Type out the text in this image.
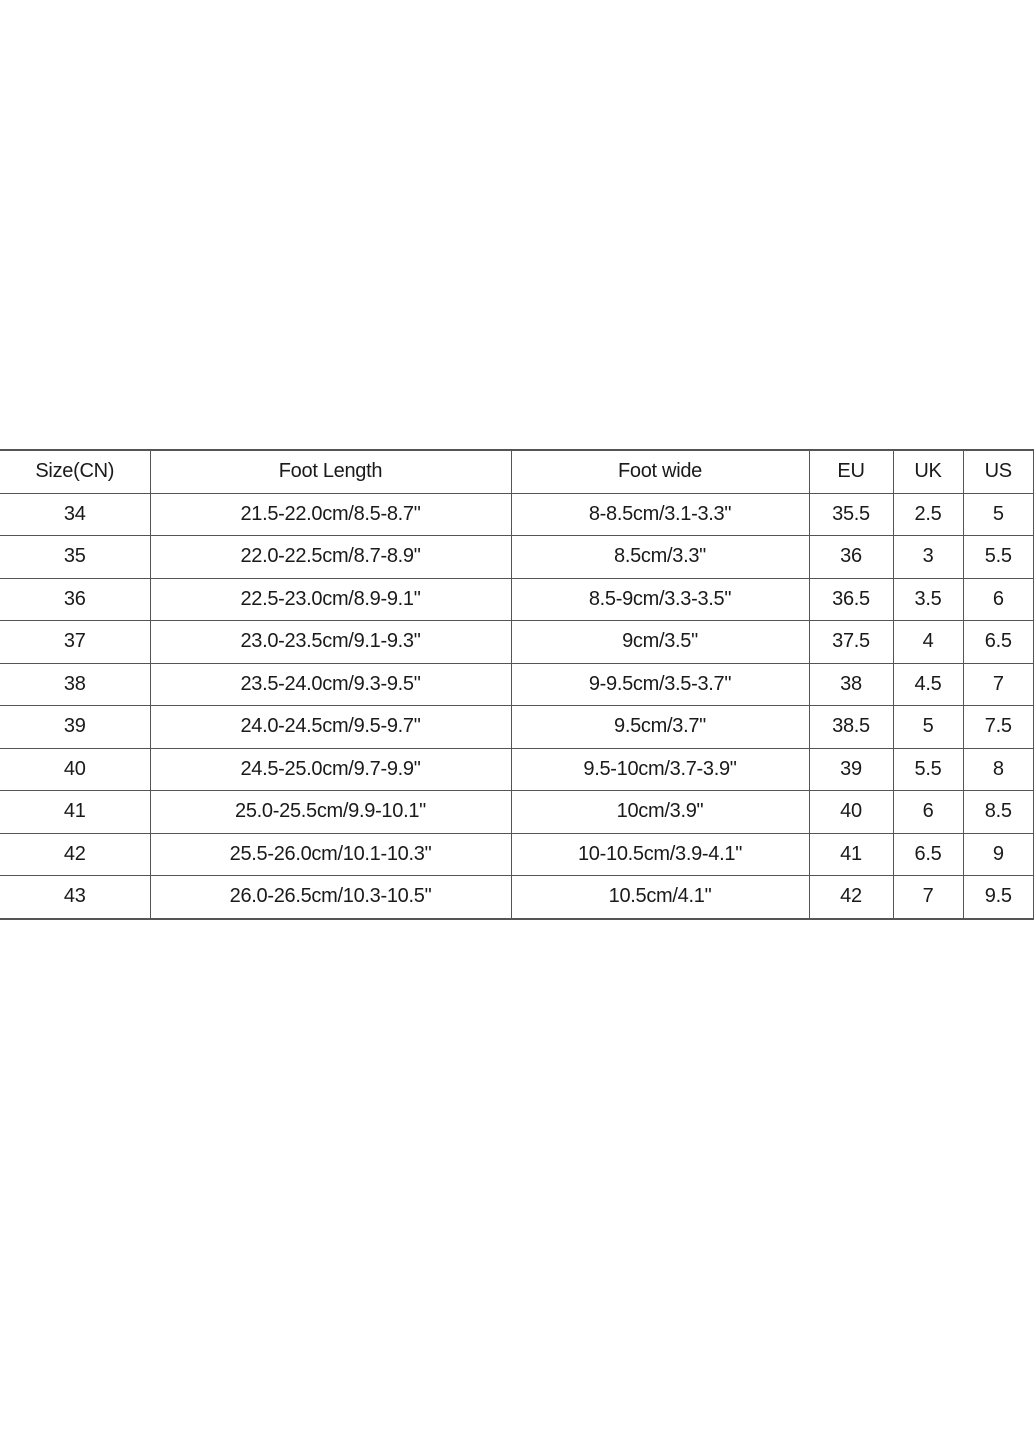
Size(CN)	Foot Length	Foot wide	EU	UK	US
34	21.5-22.0cm/8.5-8.7"	8-8.5cm/3.1-3.3"	35.5	2.5	5
35	22.0-22.5cm/8.7-8.9"	8.5cm/3.3"	36	3	5.5
36	22.5-23.0cm/8.9-9.1"	8.5-9cm/3.3-3.5"	36.5	3.5	6
37	23.0-23.5cm/9.1-9.3"	9cm/3.5"	37.5	4	6.5
38	23.5-24.0cm/9.3-9.5"	9-9.5cm/3.5-3.7"	38	4.5	7
39	24.0-24.5cm/9.5-9.7"	9.5cm/3.7"	38.5	5	7.5
40	24.5-25.0cm/9.7-9.9"	9.5-10cm/3.7-3.9"	39	5.5	8
41	25.0-25.5cm/9.9-10.1"	10cm/3.9"	40	6	8.5
42	25.5-26.0cm/10.1-10.3"	10-10.5cm/3.9-4.1"	41	6.5	9
43	26.0-26.5cm/10.3-10.5"	10.5cm/4.1"	42	7	9.5
